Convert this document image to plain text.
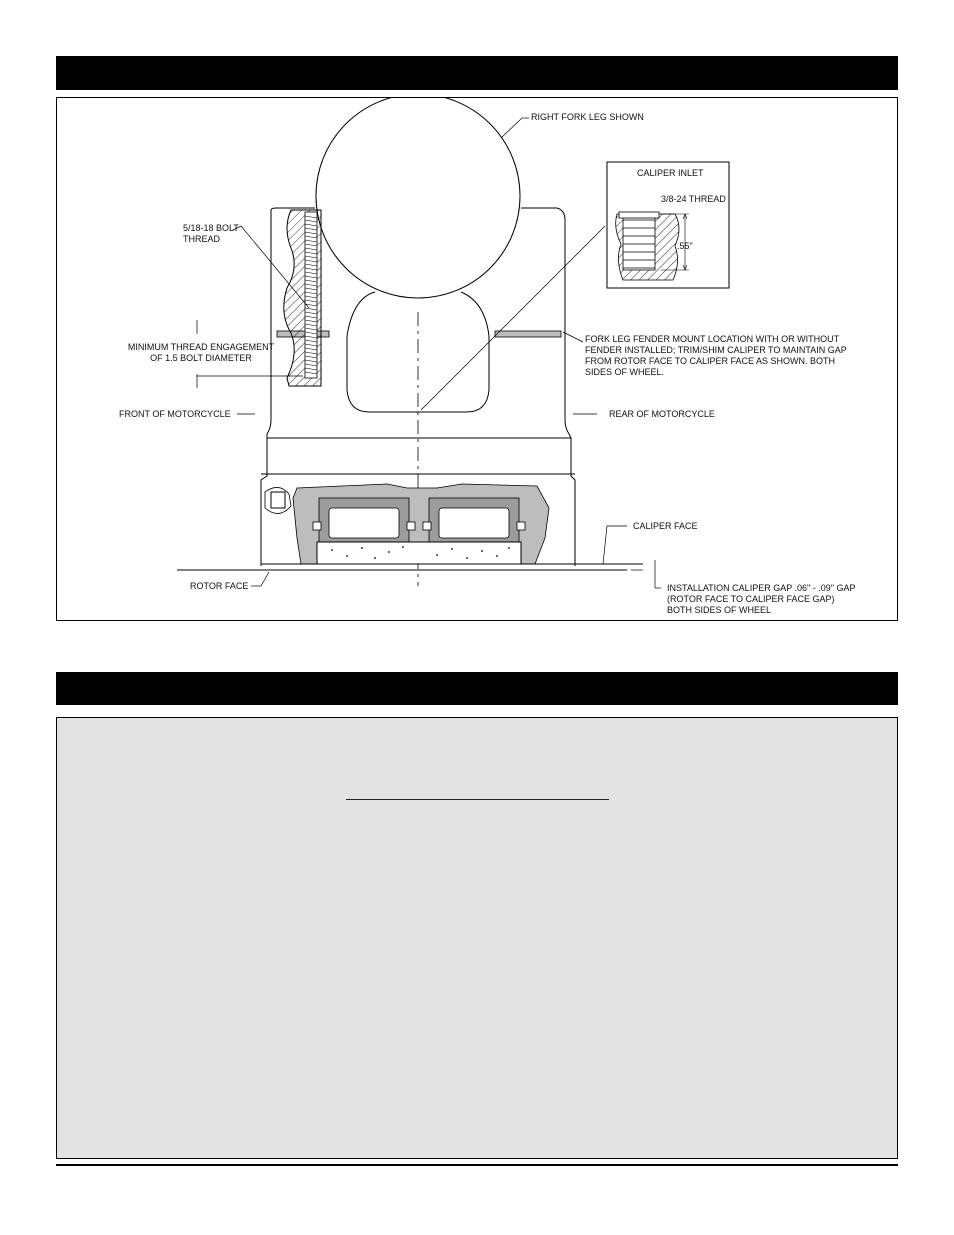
RIGHT FORK LEG SHOWN
CALIPER INLET
3/8-24 THREAD
.55"
5/18-18 BOLT
THREAD
MINIMUM THREAD ENGAGEMENT
OF 1.5 BOLT DIAMETER
FORK LEG FENDER MOUNT LOCATION WITH OR WITHOUT
FENDER INSTALLED; TRIM/SHIM CALIPER TO MAINTAIN GAP
FROM ROTOR FACE TO CALIPER FACE AS SHOWN. BOTH
SIDES OF WHEEL.
FRONT OF MOTORCYCLE	REAR OF MOTORCYCLE
CALIPER FACE
ROTOR FACE	INSTALLATION CALIPER GAP .06" - .09" GAP
(ROTOR FACE TO CALIPER FACE GAP)
BOTH SIDES OF WHEEL
